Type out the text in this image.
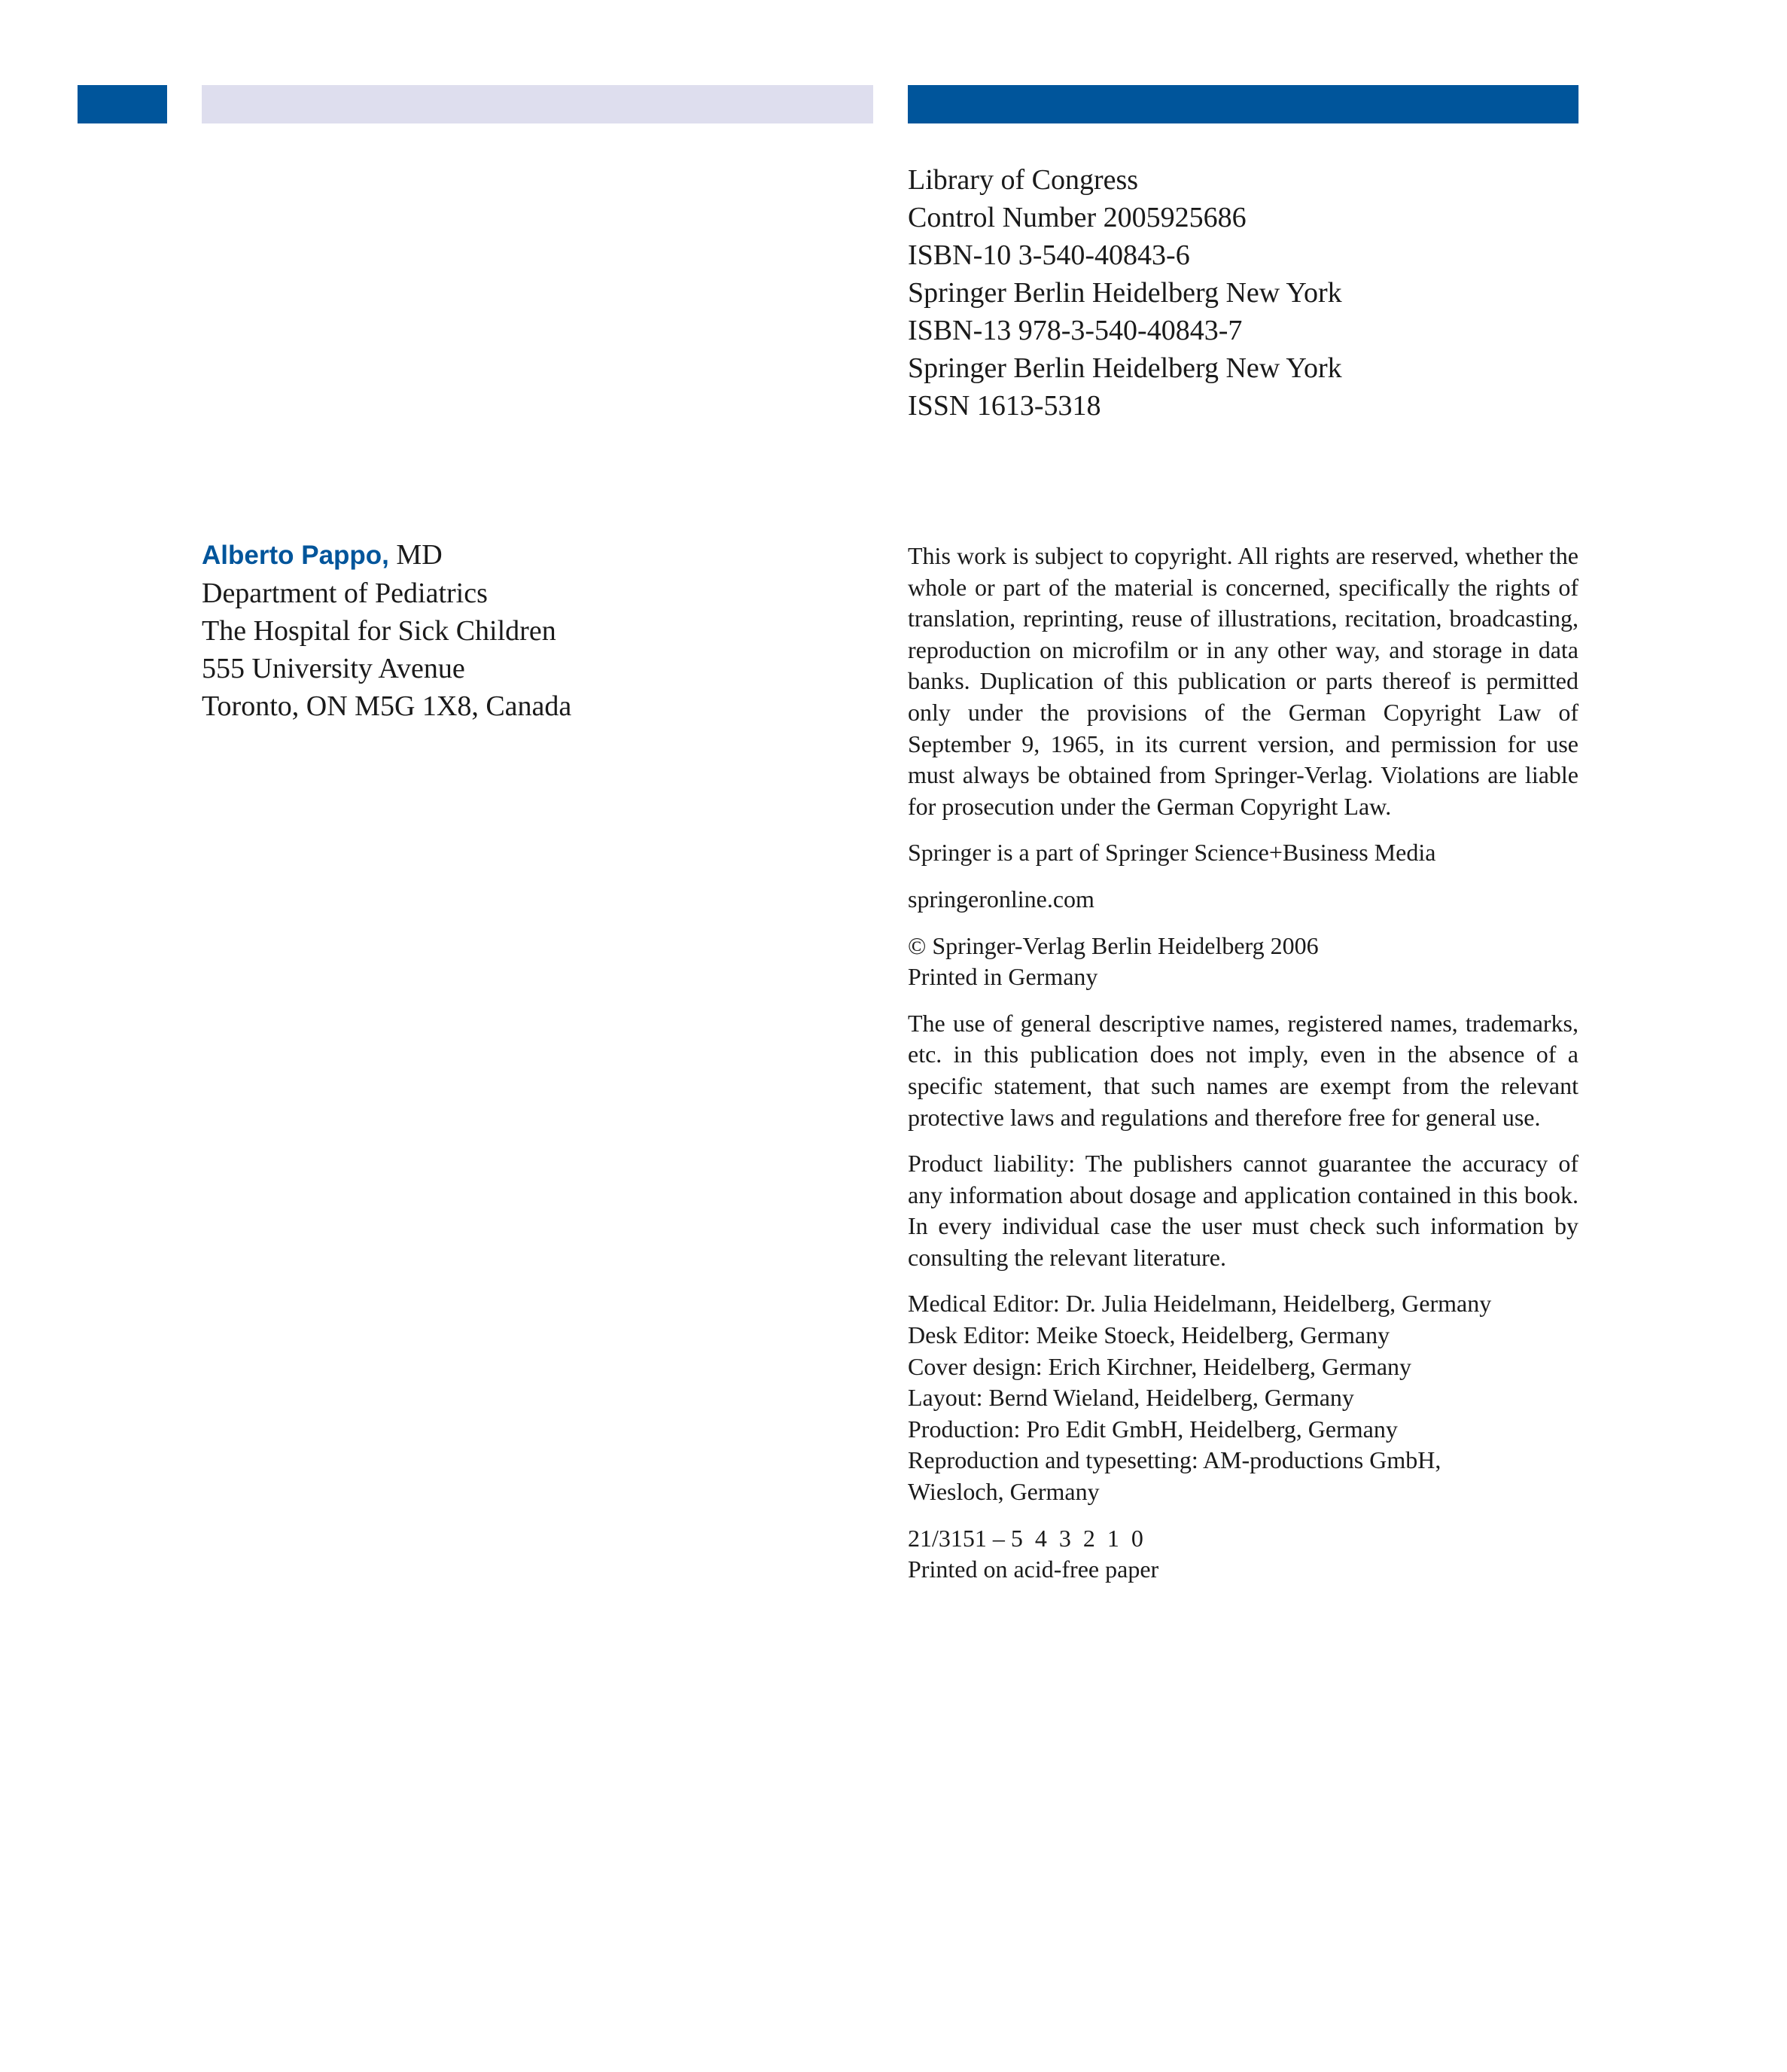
Library of Congress
Control Number 2005925686
ISBN-10 3-540-40843-6
Springer Berlin Heidelberg New York
ISBN-13 978-3-540-40843-7
Springer Berlin Heidelberg New York
ISSN 1613-5318
Alberto Pappo, MD
Department of Pediatrics
The Hospital for Sick Children
555 University Avenue
Toronto, ON M5G 1X8, Canada

This work is subject to copyright. All rights are reserved, whether the whole or part of the material is concerned, specifically the rights of translation, reprinting, reuse of illustrations, recitation, broadcasting, reproduction on microfilm or in any other way, and storage in data banks. Duplication of this publication or parts thereof is permitted only under the provisions of the German Copyright Law of September 9, 1965, in its current version, and permission for use must always be obtained from Springer-Verlag. Violations are liable for prosecution under the German Copyright Law.

Springer is a part of Springer Science+Business Media

springeronline.com

© Springer-Verlag Berlin Heidelberg 2006
Printed in Germany

The use of general descriptive names, registered names, trademarks, etc. in this publication does not imply, even in the absence of a specific statement, that such names are exempt from the relevant protective laws and regulations and therefore free for general use.

Product liability: The publishers cannot guarantee the accuracy of any information about dosage and application contained in this book. In every individual case the user must check such information by consulting the relevant literature.

Medical Editor: Dr. Julia Heidelmann, Heidelberg, Germany
Desk Editor: Meike Stoeck, Heidelberg, Germany
Cover design: Erich Kirchner, Heidelberg, Germany
Layout: Bernd Wieland, Heidelberg, Germany
Production: Pro Edit GmbH, Heidelberg, Germany
Reproduction and typesetting: AM-productions GmbH,
Wiesloch, Germany
21/3151 – 5  4  3  2  1  0
Printed on acid-free paper
